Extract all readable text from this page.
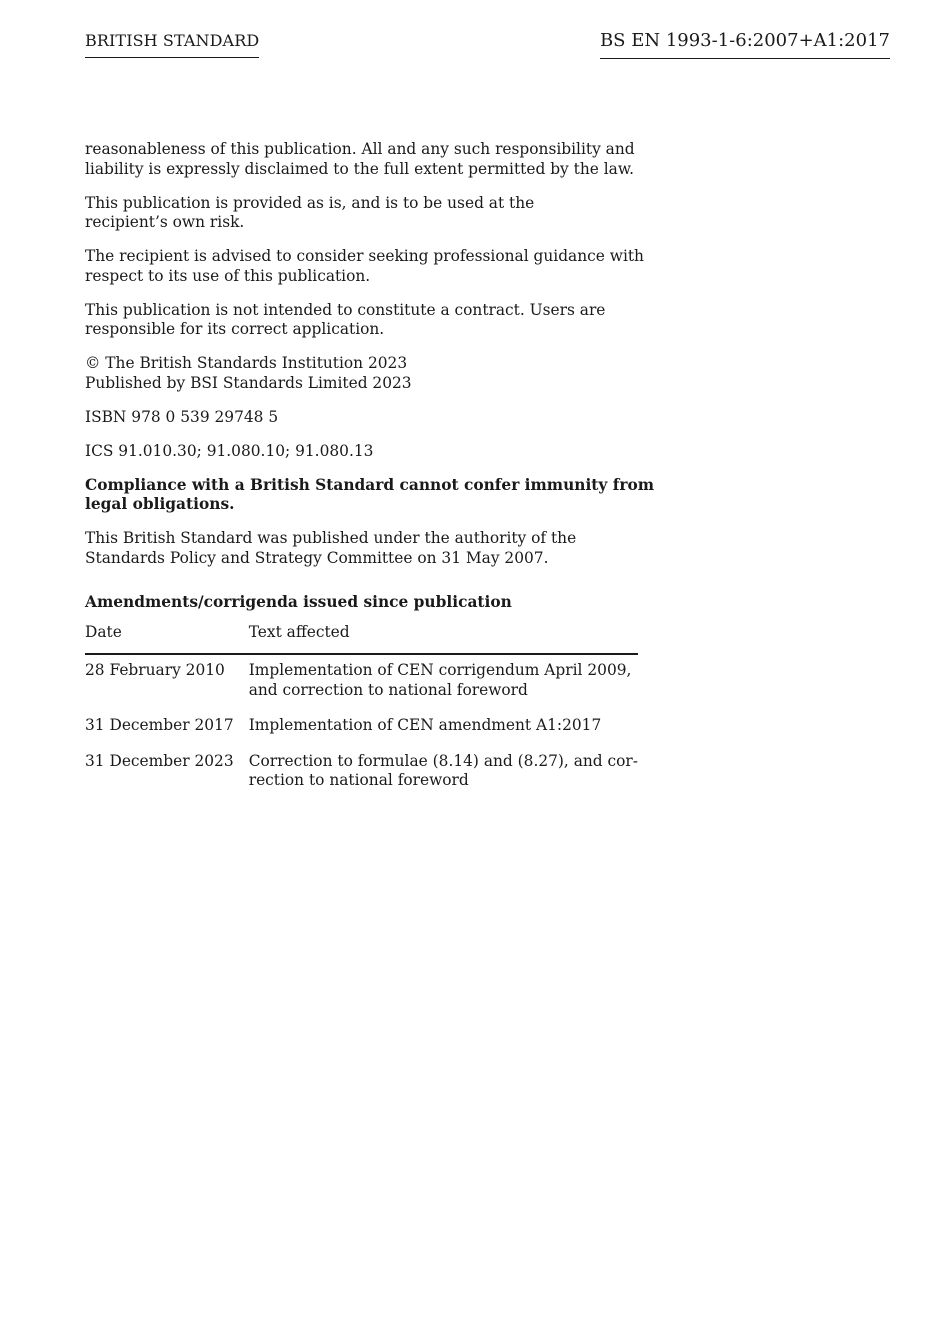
BRITISH STANDARD	BS EN 1993-1-6:2007+A1:2017

reasonableness of this publication. All and any such responsibility and
liability is expressly disclaimed to the full extent permitted by the law.

This publication is provided as is, and is to be used at the
recipient’s own risk.

The recipient is advised to consider seeking professional guidance with
respect to its use of this publication.

This publication is not intended to constitute a contract. Users are
responsible for its correct application.

© The British Standards Institution 2023
Published by BSI Standards Limited 2023

ISBN 978 0 539 29748 5

ICS 91.010.30; 91.080.10; 91.080.13

Compliance with a British Standard cannot confer immunity from
legal obligations.

This British Standard was published under the authority of the
Standards Policy and Strategy Committee on 31 May 2007.

Amendments/corrigenda issued since publication
Date	Text affected
28 February 2010	Implementation of CEN corrigendum April 2009,
and correction to national foreword

31 December 2017	Implementation of CEN amendment A1:2017

31 December 2023	Correction to formulae (8.14) and (8.27), and cor-
rection to national foreword
